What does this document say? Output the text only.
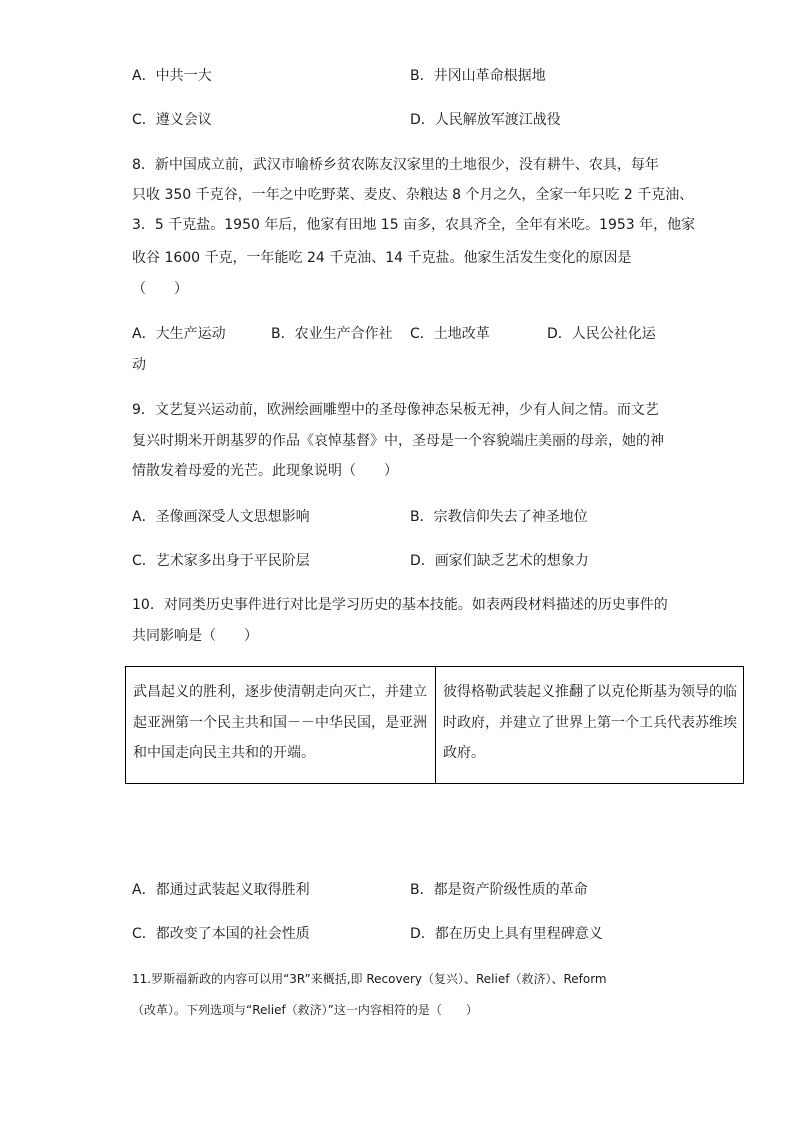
A．中共一大	B．井冈山革命根据地
C．遵义会议	D．人民解放军渡江战役
8．新中国成立前，武汉市喻桥乡贫农陈友汉家里的土地很少，没有耕牛、农具，每年
只收 350 千克谷，一年之中吃野菜、麦皮、杂粮达 8 个月之久，全家一年只吃 2 千克油、
3．5 千克盐。1950 年后，他家有田地 15 亩多，农具齐全，全年有米吃。1953 年，他家
收谷 1600 千克，一年能吃 24 千克油、14 千克盐。他家生活发生变化的原因是
（　　）
A．大生产运动	B．农业生产合作社 C．土地改革	D．人民公社化运
动
9．文艺复兴运动前，欧洲绘画雕塑中的圣母像神态呆板无神，少有人间之情。而文艺
复兴时期米开朗基罗的作品《哀悼基督》中，圣母是一个容貌端庄美丽的母亲，她的神
情散发着母爱的光芒。此现象说明（　　）
A．圣像画深受人文思想影响	B．宗教信仰失去了神圣地位
C．艺术家多出身于平民阶层	D．画家们缺乏艺术的想象力
10．对同类历史事件进行对比是学习历史的基本技能。如表两段材料描述的历史事件的
共同影响是（　　）
武昌起义的胜利，逐步使清朝走向灭亡，并建立起亚洲第一个民主共和国－－中华民国，是亚洲和中国走向民主共和的开端。	彼得格勒武装起义推翻了以克伦斯基为领导的临时政府，并建立了世界上第一个工兵代表苏维埃政府。
A．都通过武装起义取得胜利	B．都是资产阶级性质的革命
C．都改变了本国的社会性质	D．都在历史上具有里程碑意义
11.罗斯福新政的内容可以用“3R”来概括,即 Recovery（复兴）、Relief（救济）、Reform
（改革）。下列选项与“Relief（救济）”这一内容相符的是（　　）
